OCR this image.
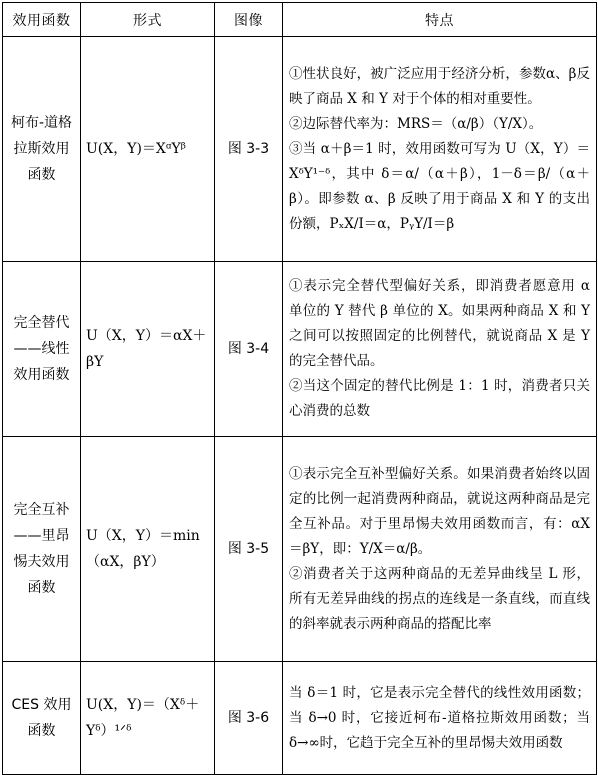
效用函数	形式	图像	特点
柯布-道格拉斯效用函数	U(X，Y)＝XᵅYᵝ	图 3-3	①性状良好，被广泛应用于经济分析，参数α、β反映了商品 X 和 Y 对于个体的相对重要性。
②边际替代率为：MRS＝（α/β）（Y/X）。
③当 α＋β＝1 时，效用函数可写为 U（X，Y）＝XᵟY¹⁻ᵟ，其中 δ＝α/（α＋β），1－δ＝β/（α＋β）。即参数 α、β 反映了用于商品 X 和 Y 的支出份额，PₓX/I＝α，PᵧY/I＝β

完全替代——线性效用函数	U（X，Y）＝αX＋βY	图 3-4	①表示完全替代型偏好关系，即消费者愿意用 α 单位的 Y 替代 β 单位的 X。如果两种商品 X 和 Y 之间可以按照固定的比例替代，就说商品 X 是 Y 的完全替代品。
②当这个固定的替代比例是 1：1 时，消费者只关心消费的总数

完全互补——里昂惕夫效用函数	U（X，Y）＝min（αX，βY）	图 3-5	①表示完全互补型偏好关系。如果消费者始终以固定的比例一起消费两种商品，就说这两种商品是完全互补品。对于里昂惕夫效用函数而言，有：αX＝βY，即：Y/X＝α/β。
②消费者关于这两种商品的无差异曲线呈 L 形，所有无差异曲线的拐点的连线是一条直线，而直线的斜率就表示两种商品的搭配比率

CES 效用函数	U(X，Y)＝（Xᵟ＋Yᵟ）¹ᐟᵟ	图 3-6	当 δ＝1 时，它是表示完全替代的线性效用函数；当 δ→0 时，它接近柯布-道格拉斯效用函数；当 δ→∞时，它趋于完全互补的里昂惕夫效用函数
